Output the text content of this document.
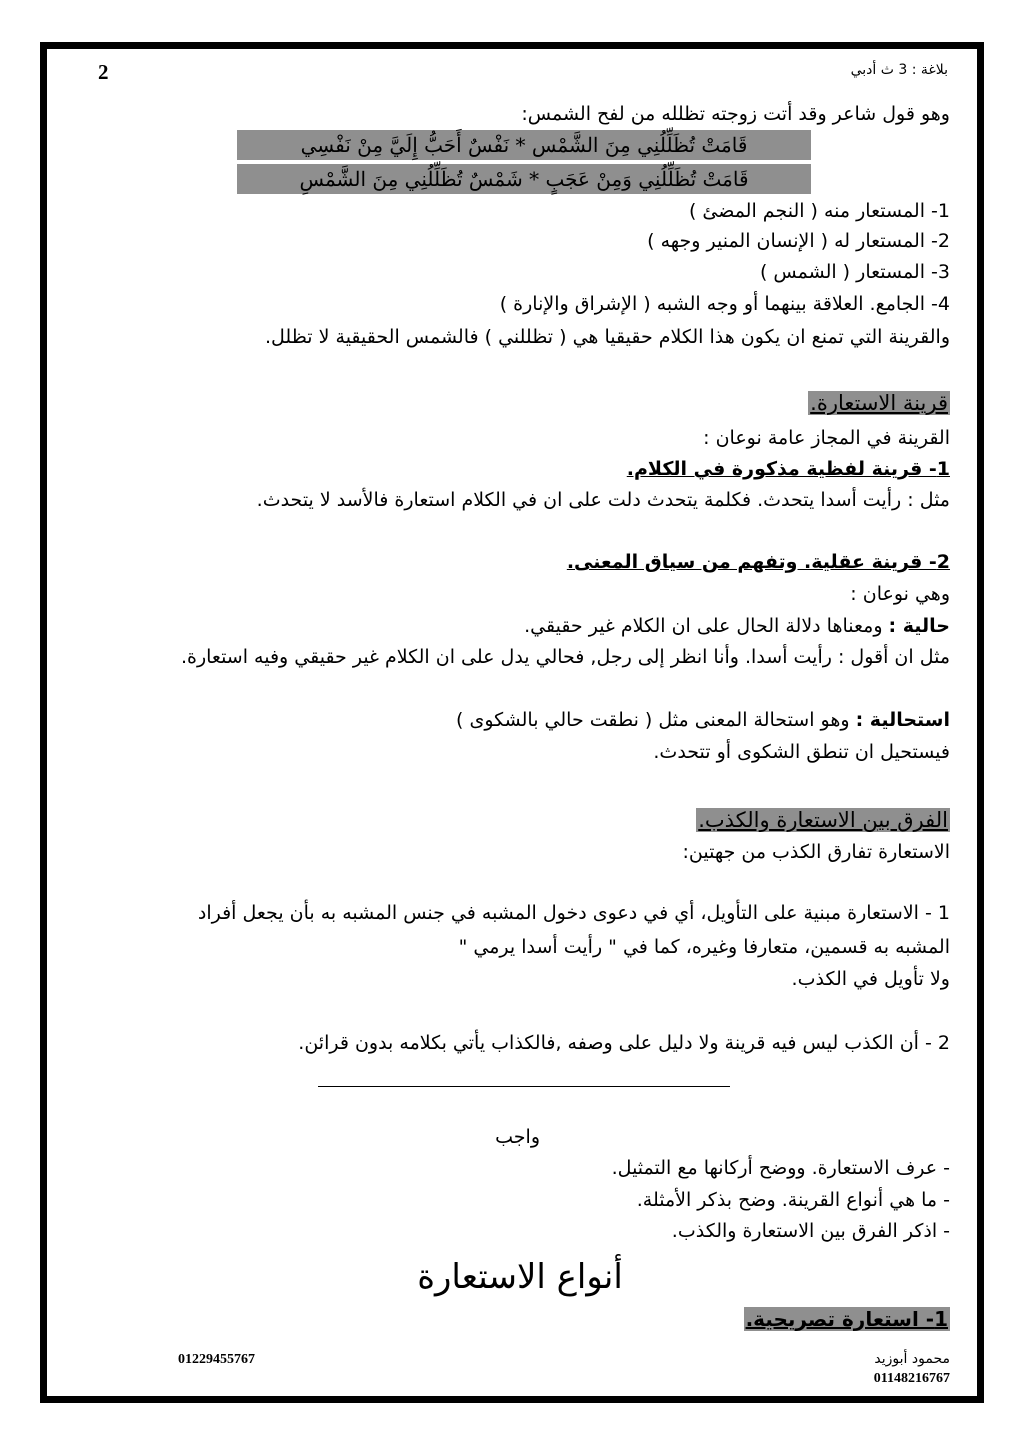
بلاغة : 3 ث أدبي
2
وهو قول شاعر وقد أتت زوجته تظلله من لفح الشمس:
قَامَتْ تُظَلِّلُنِي مِنَ الشَّمْس * نَفْسٌ أَحَبُّ إِلَيَّ مِنْ نَفْسِي
قَامَتْ تُظَلِّلُنِي وَمِنْ عَجَبٍ * شَمْسٌ تُظَلِّلُنِي مِنَ الشَّمْسِ
1- المستعار منه ( النجم المضئ )
2- المستعار له ( الإنسان المنير وجهه )
3- المستعار ( الشمس )
4- الجامع. العلاقة بينهما أو وجه الشبه ( الإشراق والإنارة )
والقرينة التي تمنع ان يكون هذا الكلام حقيقيا هي ( تظللني ) فالشمس الحقيقية لا تظلل.
قرينة الاستعارة.
القرينة في المجاز عامة نوعان :
1- قرينة لفظية مذكورة في الكلام.
مثل : رأيت أسدا يتحدث. فكلمة يتحدث دلت على ان في الكلام استعارة فالأسد لا يتحدث.
2- قرينة عقلية. وتفهم من سياق المعنى.
وهي نوعان :
حالية : ومعناها دلالة الحال على ان الكلام غير حقيقي.
مثل ان أقول : رأيت أسدا. وأنا انظر إلى رجل, فحالي يدل على ان الكلام غير حقيقي وفيه استعارة.
استحالية : وهو استحالة المعنى مثل ( نطقت حالي بالشكوى )
فيستحيل ان تنطق الشكوى أو تتحدث.
الفرق بين الاستعارة والكذب.
الاستعارة تفارق الكذب من جهتين:
1 - الاستعارة مبنية على التأويل، أي في دعوى دخول المشبه في جنس المشبه به بأن يجعل أفراد
المشبه به قسمين، متعارفا وغيره، كما في " رأيت أسدا يرمي "
ولا تأويل في الكذب.
2 - أن الكذب ليس فيه قرينة ولا دليل على وصفه ,فالكذاب يأتي بكلامه بدون قرائن.
واجب
- عرف الاستعارة. ووضح أركانها مع التمثيل.
- ما هي أنواع القرينة. وضح بذكر الأمثلة.
- اذكر الفرق بين الاستعارة والكذب.
أنواع الاستعارة
1- استعارة تصريحية.
محمود أبوزيد
01148216767
01229455767
